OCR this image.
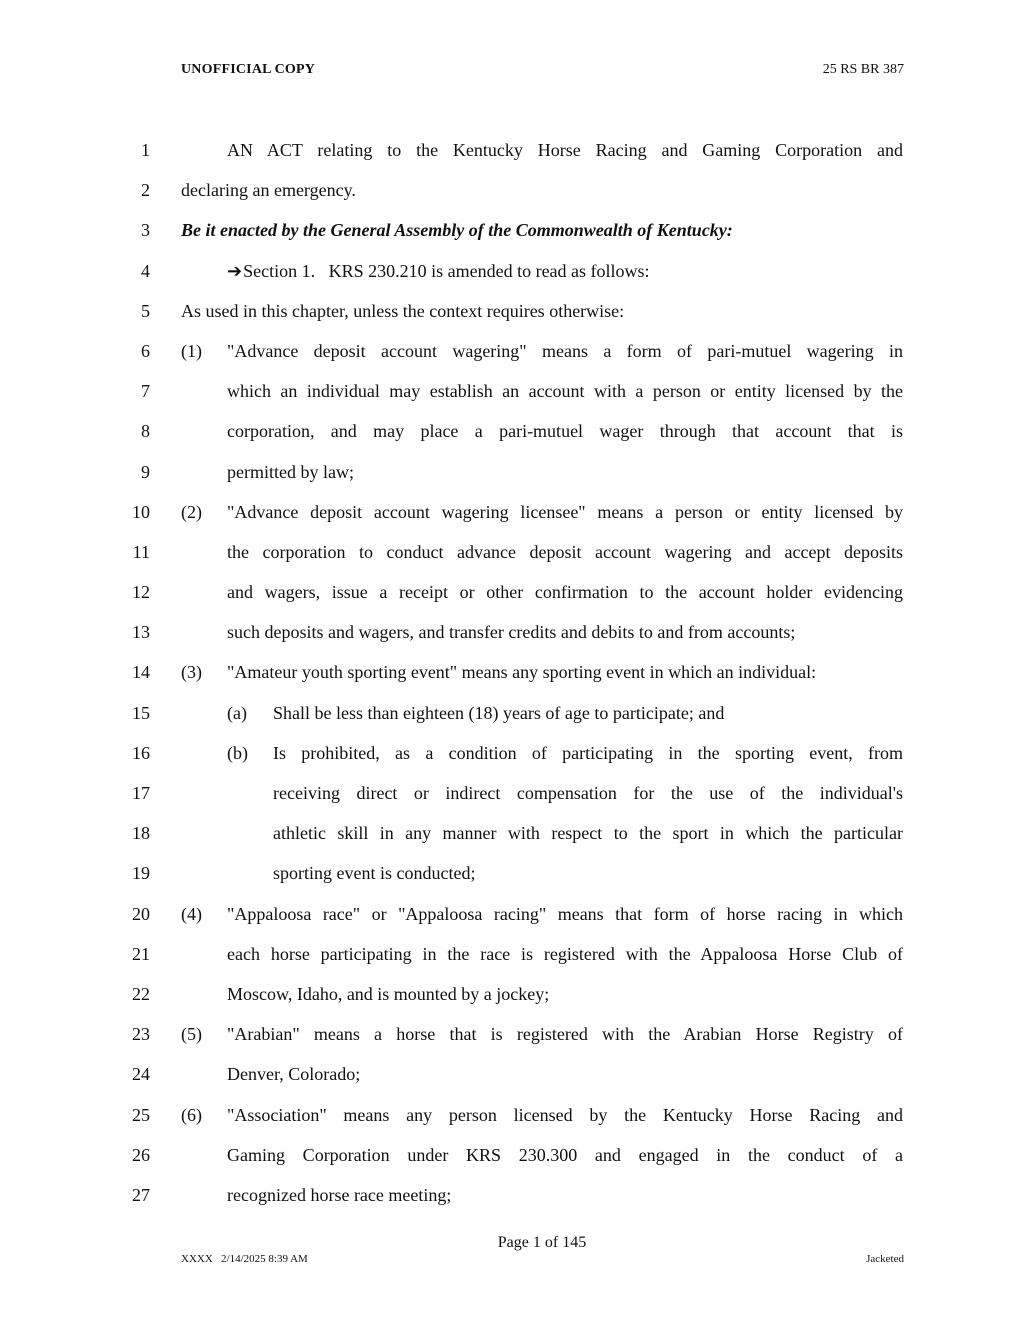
UNOFFICIAL COPY	25 RS BR 387
1	AN ACT relating to the Kentucky Horse Racing and Gaming Corporation and
2 declaring an emergency.
3 Be it enacted by the General Assembly of the Commonwealth of Kentucky:
4	➔Section 1.   KRS 230.210 is amended to read as follows:
5 As used in this chapter, unless the context requires otherwise:
6 (1) "Advance deposit account wagering" means a form of pari-mutuel wagering in
7	which an individual may establish an account with a person or entity licensed by the
8	corporation, and may place a pari-mutuel wager through that account that is
9	permitted by law;
10 (2) "Advance deposit account wagering licensee" means a person or entity licensed by
11	the corporation to conduct advance deposit account wagering and accept deposits
12	and wagers, issue a receipt or other confirmation to the account holder evidencing
13	such deposits and wagers, and transfer credits and debits to and from accounts;
14 (3) "Amateur youth sporting event" means any sporting event in which an individual:
15	(a) Shall be less than eighteen (18) years of age to participate; and
16	(b) Is prohibited, as a condition of participating in the sporting event, from
17	receiving direct or indirect compensation for the use of the individual's
18	athletic skill in any manner with respect to the sport in which the particular
19	sporting event is conducted;
20 (4) "Appaloosa race" or "Appaloosa racing" means that form of horse racing in which
21	each horse participating in the race is registered with the Appaloosa Horse Club of
22	Moscow, Idaho, and is mounted by a jockey;
23 (5) "Arabian" means a horse that is registered with the Arabian Horse Registry of
24	Denver, Colorado;
25 (6) "Association" means any person licensed by the Kentucky Horse Racing and
26	Gaming Corporation under KRS 230.300 and engaged in the conduct of a
27	recognized horse race meeting;
Page 1 of 145
XXXX   2/14/2025 8:39 AM	Jacketed
